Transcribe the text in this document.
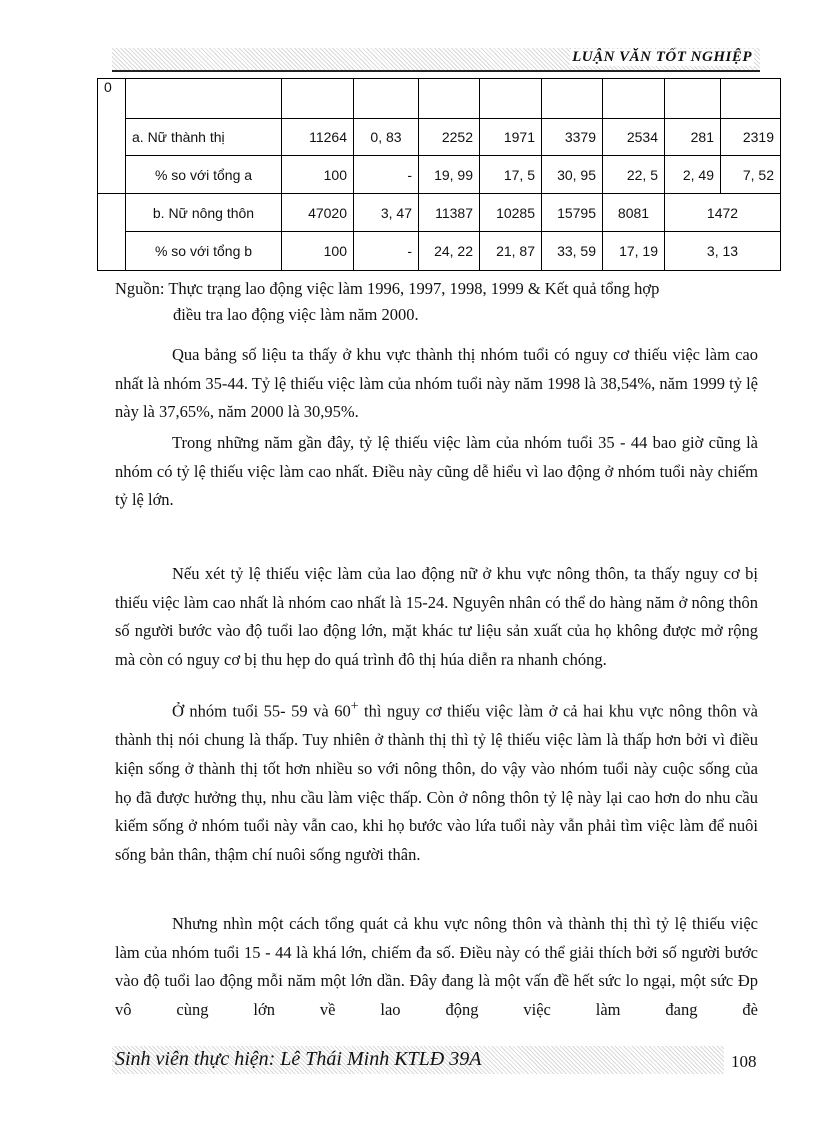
LUẬN VĂN TỐT NGHIỆP
0									
	a. Nữ thành thị	11264	0, 83	2252	1971	3379	2534	281	2319
	% so với tổng a	100	-	19, 99	17, 5	30, 95	22, 5	2, 49	7, 52
	b. Nữ nông thôn	47020	3, 47	11387	10285	15795	8081	1472	
	% so với tổng b	100	-	24, 22	21, 87	33, 59	17, 19	3, 13	
Nguồn: Thực trạng lao động việc làm 1996, 1997, 1998, 1999 & Kết quả tổng hợp
điều tra lao động việc làm năm 2000.

Qua bảng số liệu ta thấy ở khu vực thành thị nhóm tuổi có nguy cơ thiếu việc làm cao nhất là nhóm 35-44. Tỷ lệ thiếu việc làm của nhóm tuổi này năm 1998 là 38,54%, năm 1999 tỷ lệ này là 37,65%, năm 2000 là 30,95%.

Trong những năm gần đây, tỷ lệ thiếu việc làm của nhóm tuổi 35 - 44 bao giờ cũng là nhóm có tỷ lệ thiếu việc làm cao nhất. Điều này cũng dễ hiểu vì lao động ở nhóm tuổi này chiếm tỷ lệ lớn.

Nếu xét tỷ lệ thiếu việc làm của lao động nữ ở khu vực nông thôn, ta thấy nguy cơ bị thiếu việc làm cao nhất là nhóm cao nhất là 15-24. Nguyên nhân có thể do hàng năm ở nông thôn số người bước vào độ tuổi lao động lớn, mặt khác tư liệu sản xuất của họ không được mở rộng mà còn có nguy cơ bị thu hẹp do quá trình đô thị húa diễn ra nhanh chóng.

Ở nhóm tuổi 55- 59 và 60+ thì nguy cơ thiếu việc làm ở cả hai khu vực nông thôn và thành thị nói chung là thấp. Tuy nhiên ở thành thị thì tỷ lệ thiếu việc làm là thấp hơn bởi vì điều kiện sống ở thành thị tốt hơn nhiều so với nông thôn, do vậy vào nhóm tuổi này cuộc sống của họ đã được hưởng thụ, nhu cầu làm việc thấp. Còn ở nông thôn tỷ lệ này lại cao hơn do nhu cầu kiếm sống ở nhóm tuổi này vẫn cao, khi họ bước vào lứa tuổi này vẫn phải tìm việc làm để nuôi sống bản thân, thậm chí nuôi sống người thân.

Nhưng nhìn một cách tổng quát cả khu vực nông thôn và thành thị thì tỷ lệ thiếu việc làm của nhóm tuổi 15 - 44 là khá lớn, chiếm đa số. Điều này có thể giải thích bởi số người bước vào độ tuổi lao động mỗi năm một lớn dần. Đây đang là một vấn đề hết sức lo ngại, một sức Đp vô cùng lớn về lao động việc làm đang đè

Sinh viên thực hiện: Lê Thái Minh KTLĐ 39A	108
